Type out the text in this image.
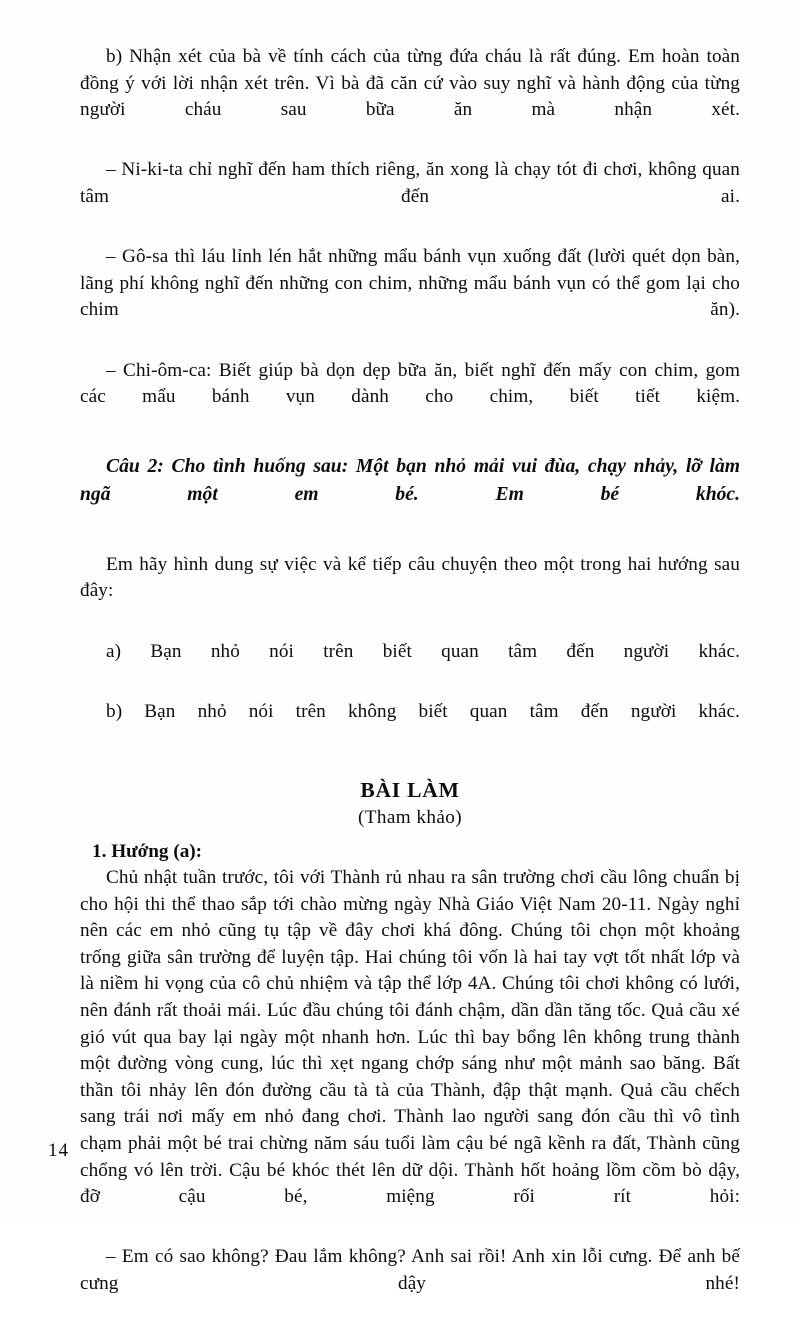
b) Nhận xét của bà về tính cách của từng đứa cháu là rất đúng. Em hoàn toàn đồng ý với lời nhận xét trên. Vì bà đã căn cứ vào suy nghĩ và hành động của từng người cháu sau bữa ăn mà nhận xét.

– Ni-ki-ta chỉ nghĩ đến ham thích riêng, ăn xong là chạy tót đi chơi, không quan tâm đến ai.

– Gô-sa thì láu lỉnh lén hắt những mẩu bánh vụn xuống đất (lười quét dọn bàn, lãng phí không nghĩ đến những con chim, những mẩu bánh vụn có thể gom lại cho chim ăn).

– Chi-ôm-ca: Biết giúp bà dọn dẹp bữa ăn, biết nghĩ đến mấy con chim, gom các mẩu bánh vụn dành cho chim, biết tiết kiệm.

Câu 2: Cho tình huống sau: Một bạn nhỏ mải vui đùa, chạy nhảy, lỡ làm ngã một em bé. Em bé khóc.

Em hãy hình dung sự việc và kể tiếp câu chuyện theo một trong hai hướng sau đây:

a) Bạn nhỏ nói trên biết quan tâm đến người khác.

b) Bạn nhỏ nói trên không biết quan tâm đến người khác.

BÀI LÀM

(Tham khảo)

1. Hướng (a):

Chủ nhật tuần trước, tôi với Thành rủ nhau ra sân trường chơi cầu lông chuẩn bị cho hội thi thể thao sắp tới chào mừng ngày Nhà Giáo Việt Nam 20-11. Ngày nghỉ nên các em nhỏ cũng tụ tập về đây chơi khá đông. Chúng tôi chọn một khoảng trống giữa sân trường để luyện tập. Hai chúng tôi vốn là hai tay vợt tốt nhất lớp và là niềm hi vọng của cô chủ nhiệm và tập thể lớp 4A. Chúng tôi chơi không có lưới, nên đánh rất thoải mái. Lúc đầu chúng tôi đánh chậm, dần dần tăng tốc. Quả cầu xé gió vút qua bay lại ngày một nhanh hơn. Lúc thì bay bổng lên không trung thành một đường vòng cung, lúc thì xẹt ngang chớp sáng như một mảnh sao băng. Bất thần tôi nhảy lên đón đường cầu tà tà của Thành, đập thật mạnh. Quả cầu chếch sang trái nơi mấy em nhỏ đang chơi. Thành lao người sang đón cầu thì vô tình chạm phải một bé trai chừng năm sáu tuổi làm cậu bé ngã kềnh ra đất, Thành cũng chổng vó lên trời. Cậu bé khóc thét lên dữ dội. Thành hốt hoảng lồm cồm bò dậy, đỡ cậu bé, miệng rối rít hỏi:

– Em có sao không? Đau lắm không? Anh sai rồi! Anh xin lỗi cưng. Để anh bế cưng dậy nhé!

14
